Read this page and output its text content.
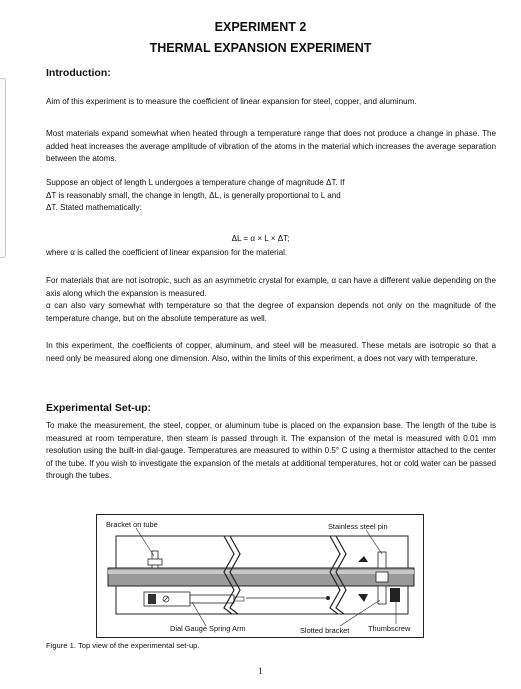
EXPERIMENT 2
THERMAL EXPANSION EXPERIMENT
Introduction:
Aim of this experiment is to measure the coefficient of linear expansion for steel, copper, and aluminum.
Most materials expand somewhat when heated through a temperature range that does not produce a change in phase. The added heat increases the average amplitude of vibration of the atoms in the material which increases the average separation between the atoms.
Suppose an object of length L undergoes a temperature change of magnitude ΔT. If
ΔT is reasonably small, the change in length, ΔL, is generally proportional to L and
ΔT. Stated mathematically:
ΔL = α × L × ΔT;
where α is called the coefficient of linear expansion for the material.
For materials that are not isotropic, such as an asymmetric crystal for example, α can have a different value depending on the axis along which the expansion is measured.
α can also vary somewhat with temperature so that the degree of expansion depends not only on the magnitude of the temperature change, but on the absolute temperature as well.
In this experiment, the coefficients of copper, aluminum, and steel will be measured. These metals are isotropic so that a need only be measured along one dimension. Also, within the limits of this experiment, a does not vary with temperature.
Experimental Set-up:
To make the measurement, the steel, copper, or aluminum tube is placed on the expansion base. The length of the tube is measured at room temperature, then steam is passed through it. The expansion of the metal is measured with 0.01 mm resolution using the built-in dial-gauge. Temperatures are measured to within 0.5° C using a thermistor attached to the center of the tube. If you wish to investigate the expansion of the metals at additional temperatures, hot or cold water can be passed through the tubes.
Bracket on tube	Stainless steel pin
Dial Gauge Spring Arm	Slotted bracket	Thumbscrew
Figure 1. Top view of the experimental set-up.
1
